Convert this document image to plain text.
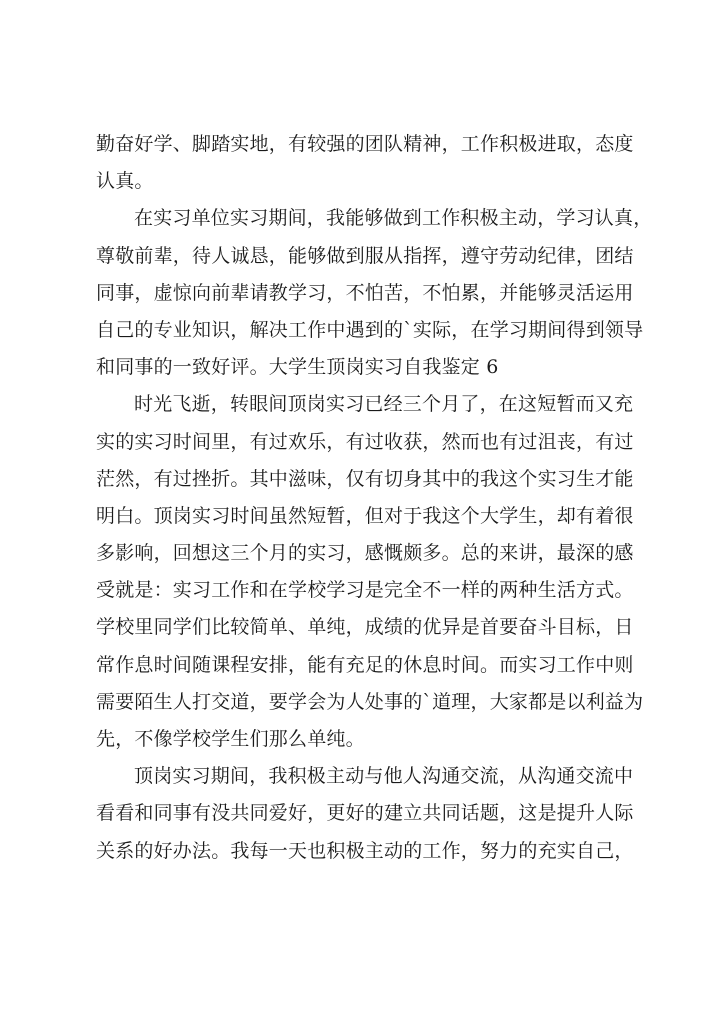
勤奋好学、脚踏实地，有较强的团队精神，工作积极进取，态度
认真。
在实习单位实习期间，我能够做到工作积极主动，学习认真，
尊敬前辈，待人诚恳，能够做到服从指挥，遵守劳动纪律，团结
同事，虚惊向前辈请教学习，不怕苦，不怕累，并能够灵活运用
自己的专业知识，解决工作中遇到的`实际，在学习期间得到领导
和同事的一致好评。大学生顶岗实习自我鉴定 6
时光飞逝，转眼间顶岗实习已经三个月了，在这短暂而又充
实的实习时间里，有过欢乐，有过收获，然而也有过沮丧，有过
茫然，有过挫折。其中滋味，仅有切身其中的我这个实习生才能
明白。顶岗实习时间虽然短暂，但对于我这个大学生，却有着很
多影响，回想这三个月的实习，感慨颇多。总的来讲，最深的感
受就是：实习工作和在学校学习是完全不一样的两种生活方式。
学校里同学们比较简单、单纯，成绩的优异是首要奋斗目标，日
常作息时间随课程安排，能有充足的休息时间。而实习工作中则
需要陌生人打交道，要学会为人处事的`道理，大家都是以利益为
先，不像学校学生们那么单纯。
顶岗实习期间，我积极主动与他人沟通交流，从沟通交流中
看看和同事有没共同爱好，更好的建立共同话题，这是提升人际
关系的好办法。我每一天也积极主动的工作，努力的充实自己，
